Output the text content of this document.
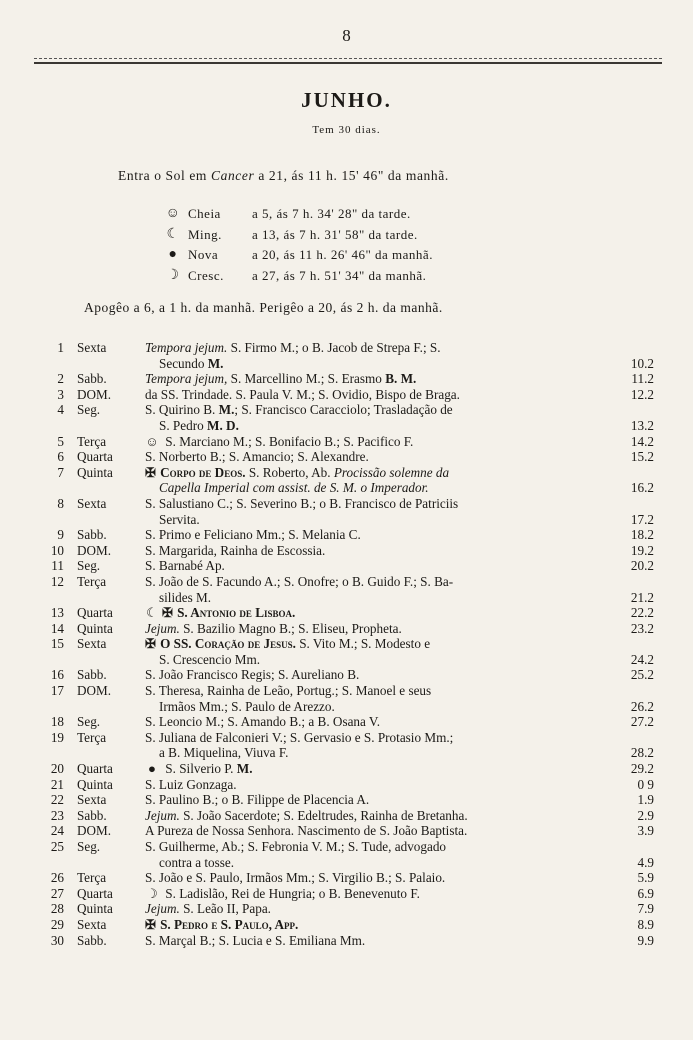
8
JUNHO.
Tem 30 dias.
Entra o Sol em Cancer a 21, ás 11 h. 15' 46" da manhã.
☺ Cheia	a 5, ás 7 h. 34' 28" da tarde.
☾ Ming.	a 13, ás 7 h. 31' 58" da tarde.
● Nova	a 20, ás 11 h. 26' 46" da manhã.
☽ Cresc.	a 27, ás 7 h. 51' 34" da manhã.
Apogêo a 6, a 1 h. da manhã. Perigêo a 20, ás 2 h. da manhã.
1 Sexta	Tempora jejum. S. Firmo M.; o B. Jacob de Strepa F.; S.
Secundo M.	10.2
2 Sabb.	Tempora jejum, S. Marcellino M.; S. Erasmo B. M.	11.2
3 DOM.	da SS. Trindade. S. Paula V. M.; S. Ovidio, Bispo de Braga.	12.2
4 Seg.	S. Quirino B. M.; S. Francisco Caracciolo; Trasladação de
S. Pedro M. D.	13.2
5 Terça	☺ S. Marciano M.; S. Bonifacio B.; S. Pacifico F.	14.2
6 Quarta	S. Norberto B.; S. Amancio; S. Alexandre.	15.2
7 Quinta	✠ Corpo de Deos. S. Roberto, Ab. Procissão solemne da
Capella Imperial com assist. de S. M. o Imperador.	16.2
8 Sexta	S. Salustiano C.; S. Severino B.; o B. Francisco de Patriciis
Servita.	17.2
9 Sabb.	S. Primo e Feliciano Mm.; S. Melania C.	18.2
10 DOM.	S. Margarida, Rainha de Escossia.	19.2
11 Seg.	S. Barnabé Ap.	20.2
12 Terça	S. João de S. Facundo A.; S. Onofre; o B. Guido F.; S. Ba-
silides M.	21.2
13 Quarta	☾ ✠ S. Antonio de Lisboa.	22.2
14 Quinta	Jejum. S. Bazilio Magno B.; S. Eliseu, Propheta.	23.2
15 Sexta	✠ O SS. Coração de Jesus. S. Vito M.; S. Modesto e
S. Crescencio Mm.	24.2
16 Sabb.	S. João Francisco Regis; S. Aureliano B.	25.2
17 DOM.	S. Theresa, Rainha de Leão, Portug.; S. Manoel e seus
Irmãos Mm.; S. Paulo de Arezzo.	26.2
18 Seg.	S. Leoncio M.; S. Amando B.; a B. Osana V.	27.2
19 Terça	S. Juliana de Falconieri V.; S. Gervasio e S. Protasio Mm.;
a B. Miquelina, Viuva F.	28.2
20 Quarta	● S. Silverio P. M.	29.2
21 Quinta	S. Luiz Gonzaga.	0 9
22 Sexta	S. Paulino B.; o B. Filippe de Placencia A.	1.9
23 Sabb.	Jejum. S. João Sacerdote; S. Edeltrudes, Rainha de Bretanha.	2.9
24 DOM.	A Pureza de Nossa Senhora. Nascimento de S. João Baptista.	3.9
25 Seg.	S. Guilherme, Ab.; S. Febronia V. M.; S. Tude, advogado
contra a tosse.	4.9
26 Terça	S. João e S. Paulo, Irmãos Mm.; S. Virgilio B.; S. Palaio.	5.9
27 Quarta	☽ S. Ladislão, Rei de Hungria; o B. Benevenuto F.	6.9
28 Quinta	Jejum. S. Leão II, Papa.	7.9
29 Sexta	✠ S. Pedro e S. Paulo, App.	8.9
30 Sabb.	S. Marçal B.; S. Lucia e S. Emiliana Mm.	9.9
